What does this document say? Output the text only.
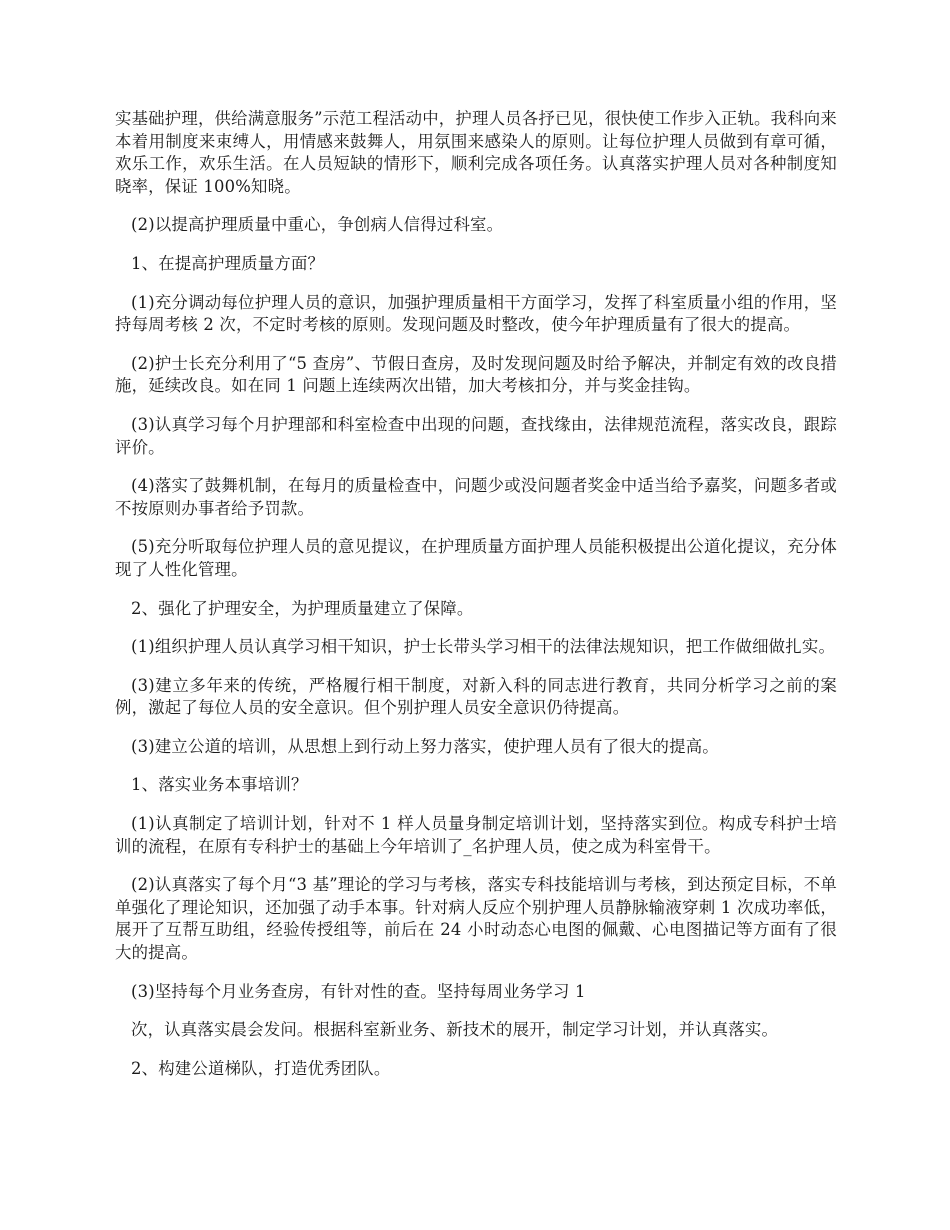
实基础护理，供给满意服务”示范工程活动中，护理人员各抒已见，很快使工作步入正轨。我科向来本着用制度来束缚人，用情感来鼓舞人，用氛围来感染人的原则。让每位护理人员做到有章可循，欢乐工作，欢乐生活。在人员短缺的情形下，顺利完成各项任务。认真落实护理人员对各种制度知晓率，保证 100%知晓。

(2)以提高护理质量中重心，争创病人信得过科室。

1、在提高护理质量方面？

(1)充分调动每位护理人员的意识，加强护理质量相干方面学习，发挥了科室质量小组的作用，坚持每周考核 2 次，不定时考核的原则。发现问题及时整改，使今年护理质量有了很大的提高。

(2)护士长充分利用了“5 查房”、节假日查房，及时发现问题及时给予解决，并制定有效的改良措施，延续改良。如在同 1 问题上连续两次出错，加大考核扣分，并与奖金挂钩。

(3)认真学习每个月护理部和科室检查中出现的问题，查找缘由，法律规范流程，落实改良，跟踪评价。

(4)落实了鼓舞机制，在每月的质量检查中，问题少或没问题者奖金中适当给予嘉奖，问题多者或不按原则办事者给予罚款。

(5)充分听取每位护理人员的意见提议，在护理质量方面护理人员能积极提出公道化提议，充分体现了人性化管理。

2、强化了护理安全，为护理质量建立了保障。

(1)组织护理人员认真学习相干知识，护士长带头学习相干的法律法规知识，把工作做细做扎实。

(3)建立多年来的传统，严格履行相干制度，对新入科的同志进行教育，共同分析学习之前的案例，激起了每位人员的安全意识。但个别护理人员安全意识仍待提高。

(3)建立公道的培训，从思想上到行动上努力落实，使护理人员有了很大的提高。

1、落实业务本事培训？

(1)认真制定了培训计划，针对不 1 样人员量身制定培训计划，坚持落实到位。构成专科护士培训的流程，在原有专科护士的基础上今年培训了_名护理人员，使之成为科室骨干。

(2)认真落实了每个月“3 基”理论的学习与考核，落实专科技能培训与考核，到达预定目标，不单单强化了理论知识，还加强了动手本事。针对病人反应个别护理人员静脉输液穿刺 1 次成功率低，展开了互帮互助组，经验传授组等，前后在 24 小时动态心电图的佩戴、心电图描记等方面有了很大的提高。

(3)坚持每个月业务查房，有针对性的查。坚持每周业务学习 1

次，认真落实晨会发问。根据科室新业务、新技术的展开，制定学习计划，并认真落实。

2、构建公道梯队，打造优秀团队。
